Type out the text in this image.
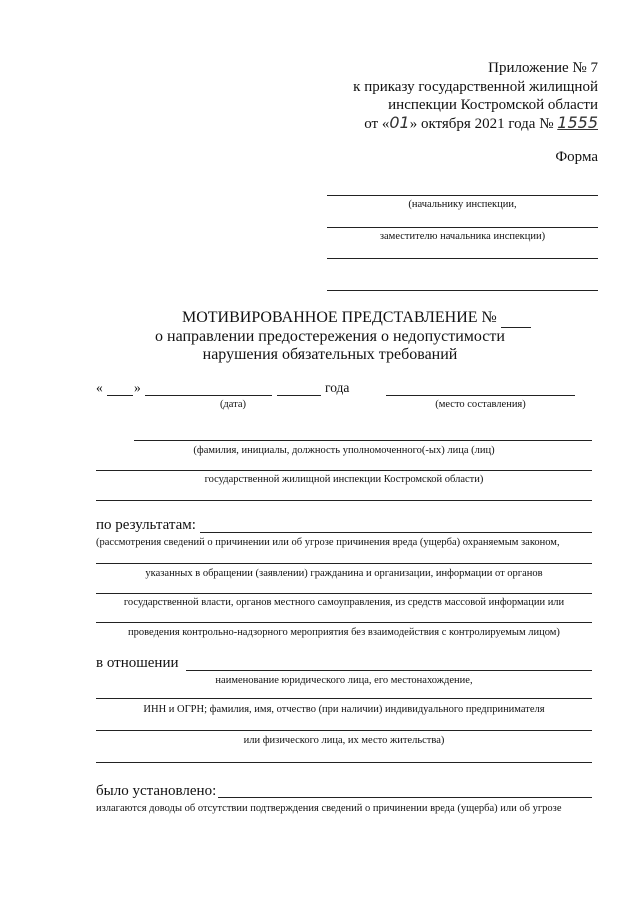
Приложение № 7
к приказу государственной жилищной
инспекции Костромской области
от «01» октября 2021 года № 1555
Форма
(начальнику инспекции,
заместителю начальника инспекции)
МОТИВИРОВАННОЕ ПРЕДСТАВЛЕНИЕ №
о направлении предостережения о недопустимости
нарушения обязательных требований
« »	года
(дата)	(место составления)
(фамилия, инициалы, должность уполномоченного(-ых) лица (лиц)
государственной жилищной инспекции Костромской области)
по результатам:
(рассмотрения сведений о причинении или об угрозе причинения вреда (ущерба) охраняемым законом,
указанных в обращении (заявлении) гражданина и организации, информации от органов
государственной власти, органов местного самоуправления, из средств массовой информации или
проведения контрольно-надзорного мероприятия без взаимодействия с контролируемым лицом)
в отношении
наименование юридического лица, его местонахождение,
ИНН и ОГРН; фамилия, имя, отчество (при наличии) индивидуального предпринимателя
или физического лица, их место жительства)
было установлено:
излагаются доводы об отсутствии подтверждения сведений о причинении вреда (ущерба) или об угрозе
